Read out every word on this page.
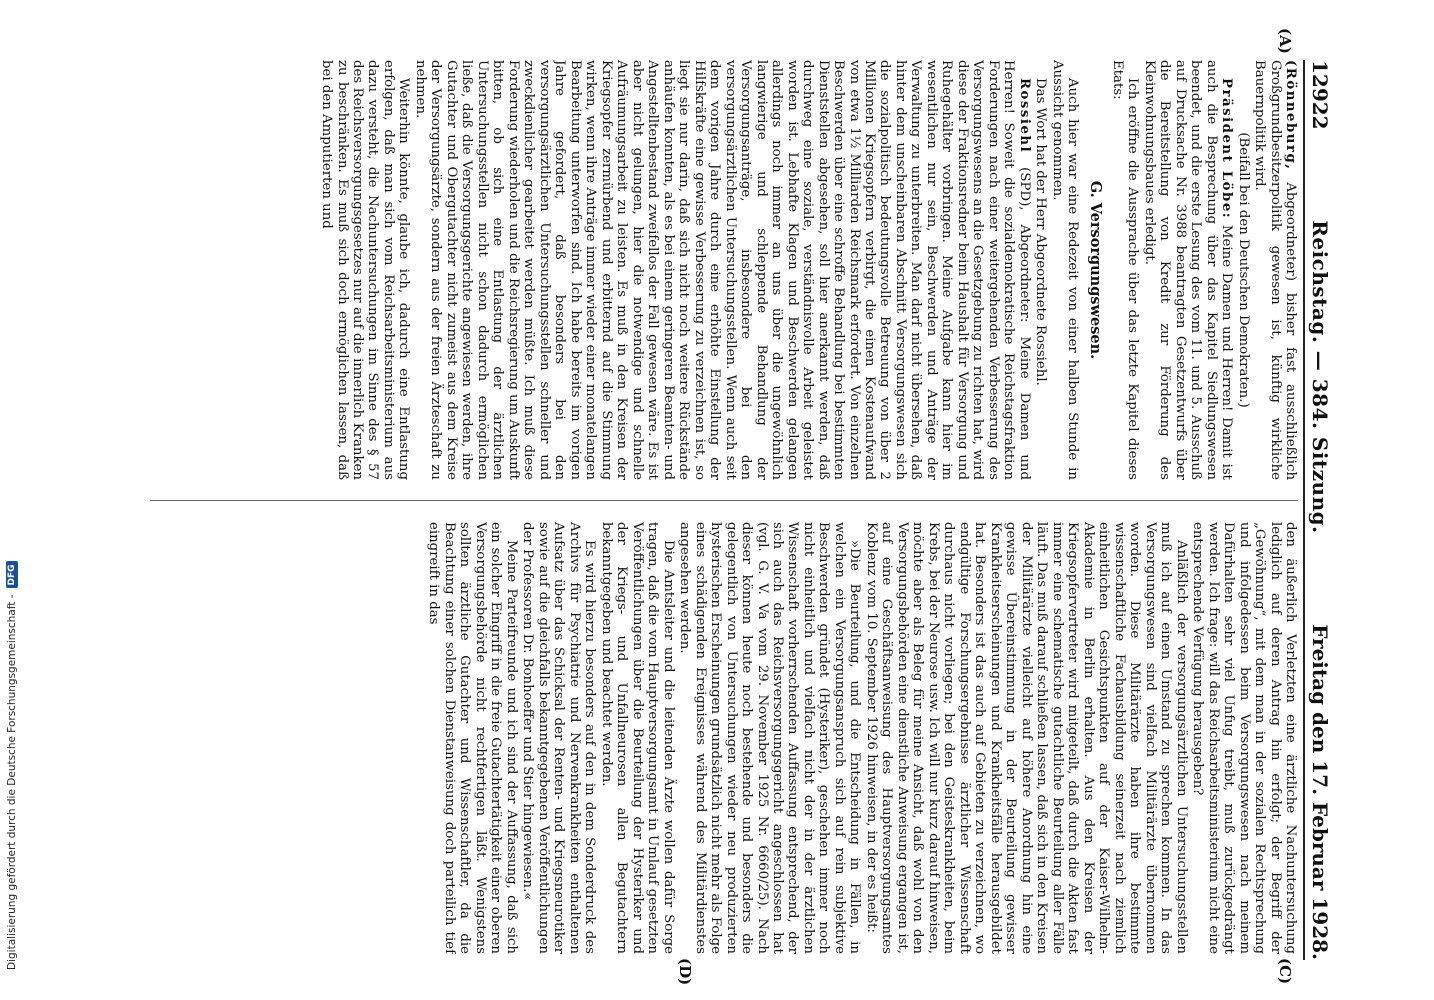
12922
Reichstag. — 384. Sitzung.
Freitag den 17. Februar 1928.
(A)
(C)
(D)

(Rönneburg, Abgeordneter) bisher fast ausschließlich Großgrundbesitzerpolitik gewesen ist, künftig wirkliche Bauernpolitik wird.

(Beifall bei den Deutschen Demokraten.)

Präsident Löbe: Meine Damen und Herren! Damit ist auch die Besprechung über das Kapitel Siedlungswesen beendet, und die erste Lesung des vom 11. und 5. Ausschuß auf Drucksache Nr. 3988 beantragten Gesetzentwurfs über die Bereitstellung von Kredit zur Förderung des Kleinwohnungsbaues erledigt.

Ich eröffne die Aussprache über das letzte Kapitel dieses Etats:

G. Versorgungswesen.

Auch hier war eine Redezeit von einer halben Stunde in Aussicht genommen.

Das Wort hat der Herr Abgeordnete Rossiehl.

Rossiehl (SPD), Abgeordneter: Meine Damen und Herren! Soweit die sozialdemokratische Reichstagsfraktion Forderungen nach einer weitergehenden Verbesserung des Versorgungswesens an die Gesetzgebung zu richten hat, wird diese der Fraktionsredner beim Haushalt für Versorgung und Ruhegehälter vorbringen. Meine Aufgabe kann hier im wesentlichen nur sein, Beschwerden und Anträge der Verwaltung zu unterbreiten. Man darf nicht übersehen, daß hinter dem unscheinbaren Abschnitt Versorgungswesen sich die sozialpolitisch bedeutungsvolle Betreuung von über 2 Millionen Kriegsopfern verbirgt, die einen Kostenaufwand von etwa 1½ Milliarden Reichsmark erfordert. Von einzelnen Beschwerden über eine schroffe Behandlung bei bestimmten Dienststellen abgesehen, soll hier anerkannt werden, daß durchweg eine soziale, verständnisvolle Arbeit geleistet worden ist. Lebhafte Klagen und Beschwerden gelangen allerdings noch immer an uns über die ungewöhnlich langwierige und schleppende Behandlung der Versorgungsanträge, insbesondere bei den versorgungsärztlichen Untersuchungsstellen. Wenn auch seit dem vorigen Jahre durch eine erhöhte Einstellung der Hilfskräfte eine gewisse Verbesserung zu verzeichnen ist, so liegt sie nur darin, daß sich nicht noch weitere Rückstände anhäufen konnten, als es bei einem geringeren Beamten- und Angestelltenbestand zweifellos der Fall gewesen wäre. Es ist aber nicht gelungen, hier die notwendige und schnelle Aufräumungsarbeit zu leisten. Es muß in den Kreisen der Kriegsopfer zermürbend und erbitternd auf die Stimmung wirken, wenn ihre Anträge immer wieder einer monatelangen Bearbeitung unterworfen sind. Ich habe bereits im vorigen Jahre gefordert, daß besonders bei den versorgungsärztlichen Untersuchungsstellen schneller und zweckdienlicher gearbeitet werden müßte. Ich muß diese Forderung wiederholen und die Reichsregierung um Auskunft bitten, ob sich eine Entlastung der ärztlichen Untersuchungsstellen nicht schon dadurch ermöglichen ließe, daß die Versorgungsgerichte angewiesen werden, ihre Gutachter und Obergutachter nicht zumeist aus dem Kreise der Versorgungsärzte, sondern aus der freien Ärzteschaft zu nehmen.

Weiterhin könnte, glaube ich, dadurch eine Entlastung erfolgen, daß man sich vom Reichsarbeitsministerium aus dazu versteht, die Nachuntersuchungen im Sinne des § 57 des Reichsversorgungsgesetzes nur auf die innerlich Kranken zu beschränken. Es muß sich doch ermöglichen lassen, daß bei den Amputierten und

den äußerlich Verletzten eine ärztliche Nachuntersuchung lediglich auf deren Antrag hin erfolgt; der Begriff der „Gewöhnung“, mit dem man in der sozialen Rechtsprechung und infolgedessen beim Versorgungswesen nach meinem Dafürhalten sehr viel Unfug treibt, muß zurückgedrängt werden. Ich frage: will das Reichsarbeitsministerium nicht eine entsprechende Verfügung herausgeben?

Anläßlich der versorgungsärztlichen Untersuchungsstellen muß ich auf einen Umstand zu sprechen kommen. In das Versorgungswesen sind vielfach Militärärzte übernommen worden. Diese Militärärzte haben ihre bestimmte wissenschaftliche Fachausbildung seinerzeit nach ziemlich einheitlichen Gesichtspunkten auf der Kaiser-Wilhelm-Akademie in Berlin erhalten. Aus den Kreisen der Kriegsopfervertreter wird mitgeteilt, daß durch die Akten fast immer eine schematische gutachtliche Beurteilung aller Fälle läuft. Das muß darauf schließen lassen, daß sich in den Kreisen der Militärärzte vielleicht auf höhere Anordnung hin eine gewisse Übereinstimmung in der Beurteilung gewisser Krankheitserscheinungen und Krankheitsfälle herausgebildet hat. Besonders ist das auch auf Gebieten zu verzeichnen, wo endgültige Forschungsergebnisse ärztlicher Wissenschaft durchaus nicht vorliegen; bei den Geisteskrankheiten, beim Krebs, bei der Neurose usw. Ich will nur kurz darauf hinweisen, möchte aber als Beleg für meine Ansicht, daß wohl von den Versorgungsbehörden eine dienstliche Anweisung ergangen ist, auf eine Geschäftsanweisung des Hauptversorgungsamtes Koblenz vom 10. September 1926 hinweisen, in der es heißt:

»Die Beurteilung, und die Entscheidung in Fällen, in welchen ein Versorgungsanspruch sich auf rein subjektive Beschwerden gründet (Hysteriker), geschehen immer noch nicht einheitlich und vielfach nicht der in der ärztlichen Wissenschaft vorherrschenden Auffassung entsprechend, der sich auch das Reichsversorgungsgericht angeschlossen hat (vgl. G. V. Va vom 29. November 1925 Nr. 6660/25). Nach dieser können heute noch bestehende und besonders die gelegentlich von Untersuchungen wieder neu produzierten hysterischen Erscheinungen grundsätzlich nicht mehr als Folge eines schädigenden Ereignisses während des Militärdienstes angesehen werden.

Die Amtsleiter und die leitenden Ärzte wollen dafür Sorge tragen, daß die vom Hauptversorgungsamt in Umlauf gesetzten Veröffentlichungen über die Beurteilung der Hysteriker und der Kriegs- und Unfallneurosen allen Begutachtern bekanntgegeben und beachtet werden.

Es wird hierzu besonders auf den in dem Sonderdruck des Archivs für Psychiatrie und Nervenkrankheiten enthaltenen Aufsatz über das Schicksal der Renten- und Kriegsneurotiker sowie auf die gleichfalls bekanntgegebenen Veröffentlichungen der Professoren Dr. Bonhoeffer und Stier hingewiesen.«

Meine Parteifreunde und ich sind der Auffassung, daß sich ein solcher Eingriff in die freie Gutachtertätigkeit einer oberen Versorgungsbehörde nicht rechtfertigen läßt. Wenigstens sollten ärztliche Gutachter und Wissenschaftler, da die Beachtung einer solchen Dienstanweisung doch parteilich tief eingreift in das

Digitalisierung gefördert durch die Deutsche Forschungsgemeinschaft -
DFG
